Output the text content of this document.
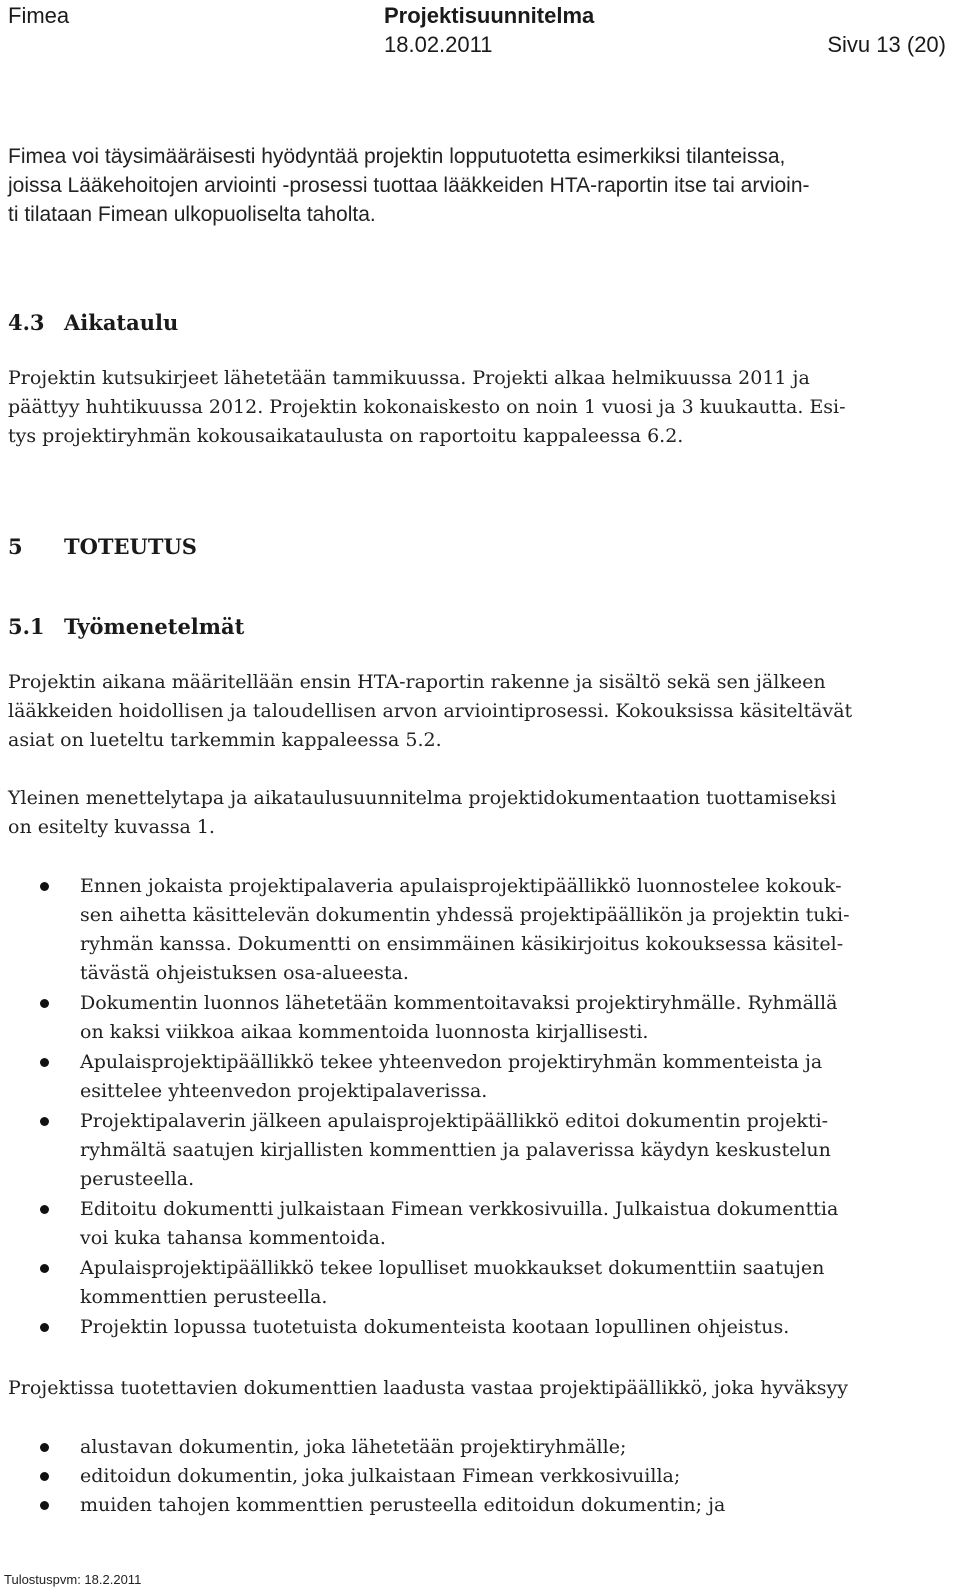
Fimea	Projektisuunnitelma
18.02.2011	Sivu 13 (20)

Fimea voi täysimääräisesti hyödyntää projektin lopputuotetta esimerkiksi tilanteissa,
joissa Lääkehoitojen arviointi -prosessi tuottaa lääkkeiden HTA-raportin itse tai arvioin-
ti tilataan Fimean ulkopuoliselta taholta.

4.3 Aikataulu

Projektin kutsukirjeet lähetetään tammikuussa. Projekti alkaa helmikuussa 2011 ja
päättyy huhtikuussa 2012. Projektin kokonaiskesto on noin 1 vuosi ja 3 kuukautta. Esi-
tys projektiryhmän kokousaikataulusta on raportoitu kappaleessa 6.2.

5 TOTEUTUS
5.1 Työmenetelmät

Projektin aikana määritellään ensin HTA-raportin rakenne ja sisältö sekä sen jälkeen
lääkkeiden hoidollisen ja taloudellisen arvon arviointiprosessi. Kokouksissa käsiteltävät
asiat on lueteltu tarkemmin kappaleessa 5.2.

Yleinen menettelytapa ja aikataulusuunnitelma projektidokumentaation tuottamiseksi
on esitelty kuvassa 1.

Ennen jokaista projektipalaveria apulaisprojektipäällikkö luonnostelee kokouk-
sen aihetta käsittelevän dokumentin yhdessä projektipäällikön ja projektin tuki-
ryhmän kanssa. Dokumentti on ensimmäinen käsikirjoitus kokouksessa käsitel-
tävästä ohjeistuksen osa-alueesta.
Dokumentin luonnos lähetetään kommentoitavaksi projektiryhmälle. Ryhmällä
on kaksi viikkoa aikaa kommentoida luonnosta kirjallisesti.
Apulaisprojektipäällikkö tekee yhteenvedon projektiryhmän kommenteista ja
esittelee yhteenvedon projektipalaverissa.
Projektipalaverin jälkeen apulaisprojektipäällikkö editoi dokumentin projekti-
ryhmältä saatujen kirjallisten kommenttien ja palaverissa käydyn keskustelun
perusteella.
Editoitu dokumentti julkaistaan Fimean verkkosivuilla. Julkaistua dokumenttia
voi kuka tahansa kommentoida.
Apulaisprojektipäällikkö tekee lopulliset muokkaukset dokumenttiin saatujen
kommenttien perusteella.
Projektin lopussa tuotetuista dokumenteista kootaan lopullinen ohjeistus.

Projektissa tuotettavien dokumenttien laadusta vastaa projektipäällikkö, joka hyväksyy

alustavan dokumentin, joka lähetetään projektiryhmälle;
editoidun dokumentin, joka julkaistaan Fimean verkkosivuilla;
muiden tahojen kommenttien perusteella editoidun dokumentin; ja
Tulostuspvm: 18.2.2011
